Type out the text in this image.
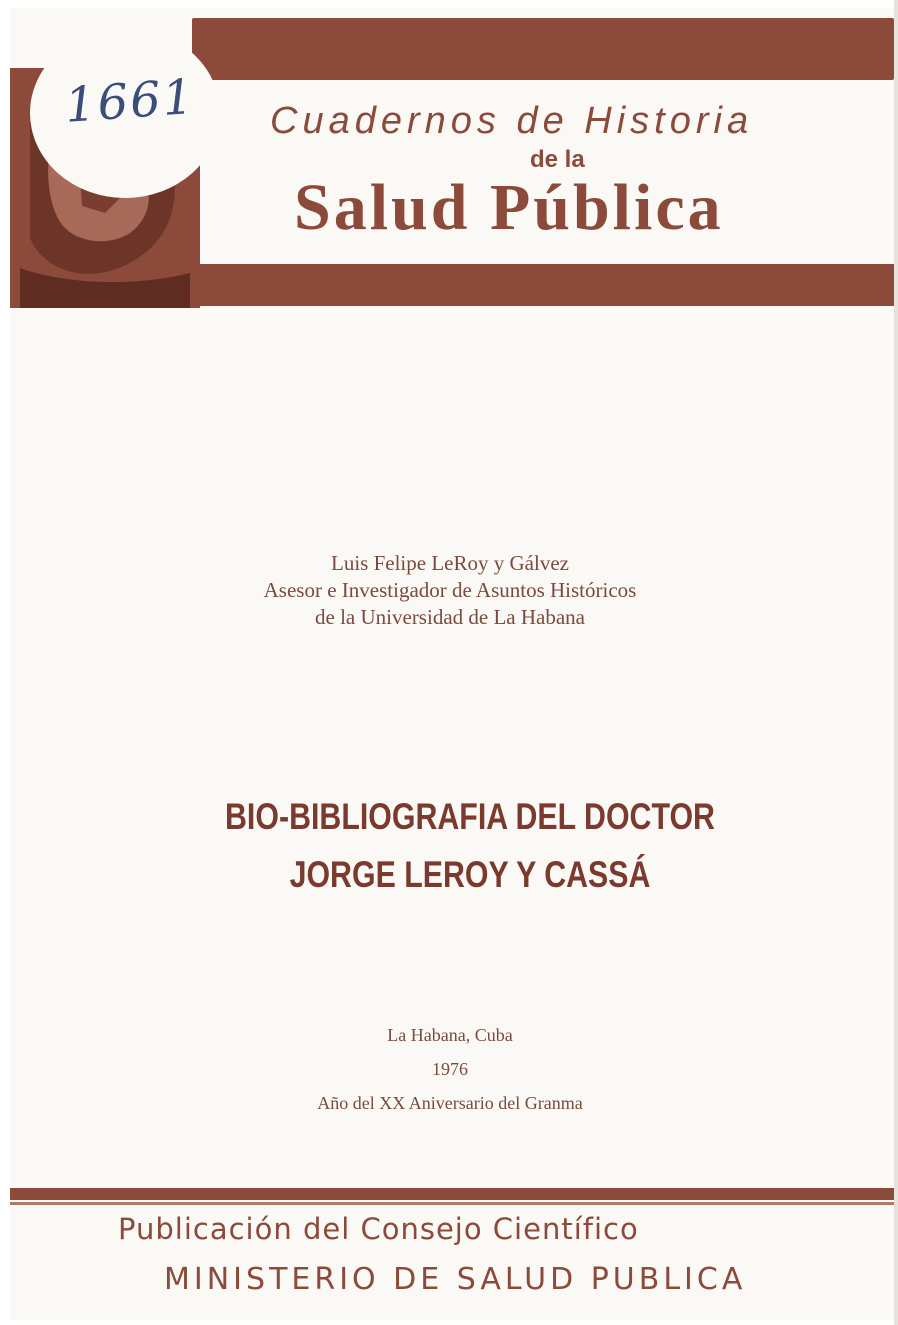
1661 Cuadernos de Historia
de la
Salud Pública
Luis Felipe LeRoy y Gálvez
Asesor e Investigador de Asuntos Históricos
de la Universidad de La Habana
BIO-BIBLIOGRAFIA DEL DOCTOR
JORGE LEROY Y CASSÁ
La Habana, Cuba
1976
Año del XX Aniversario del Granma
Publicación del Consejo Científico
MINISTERIO DE SALUD PUBLICA
